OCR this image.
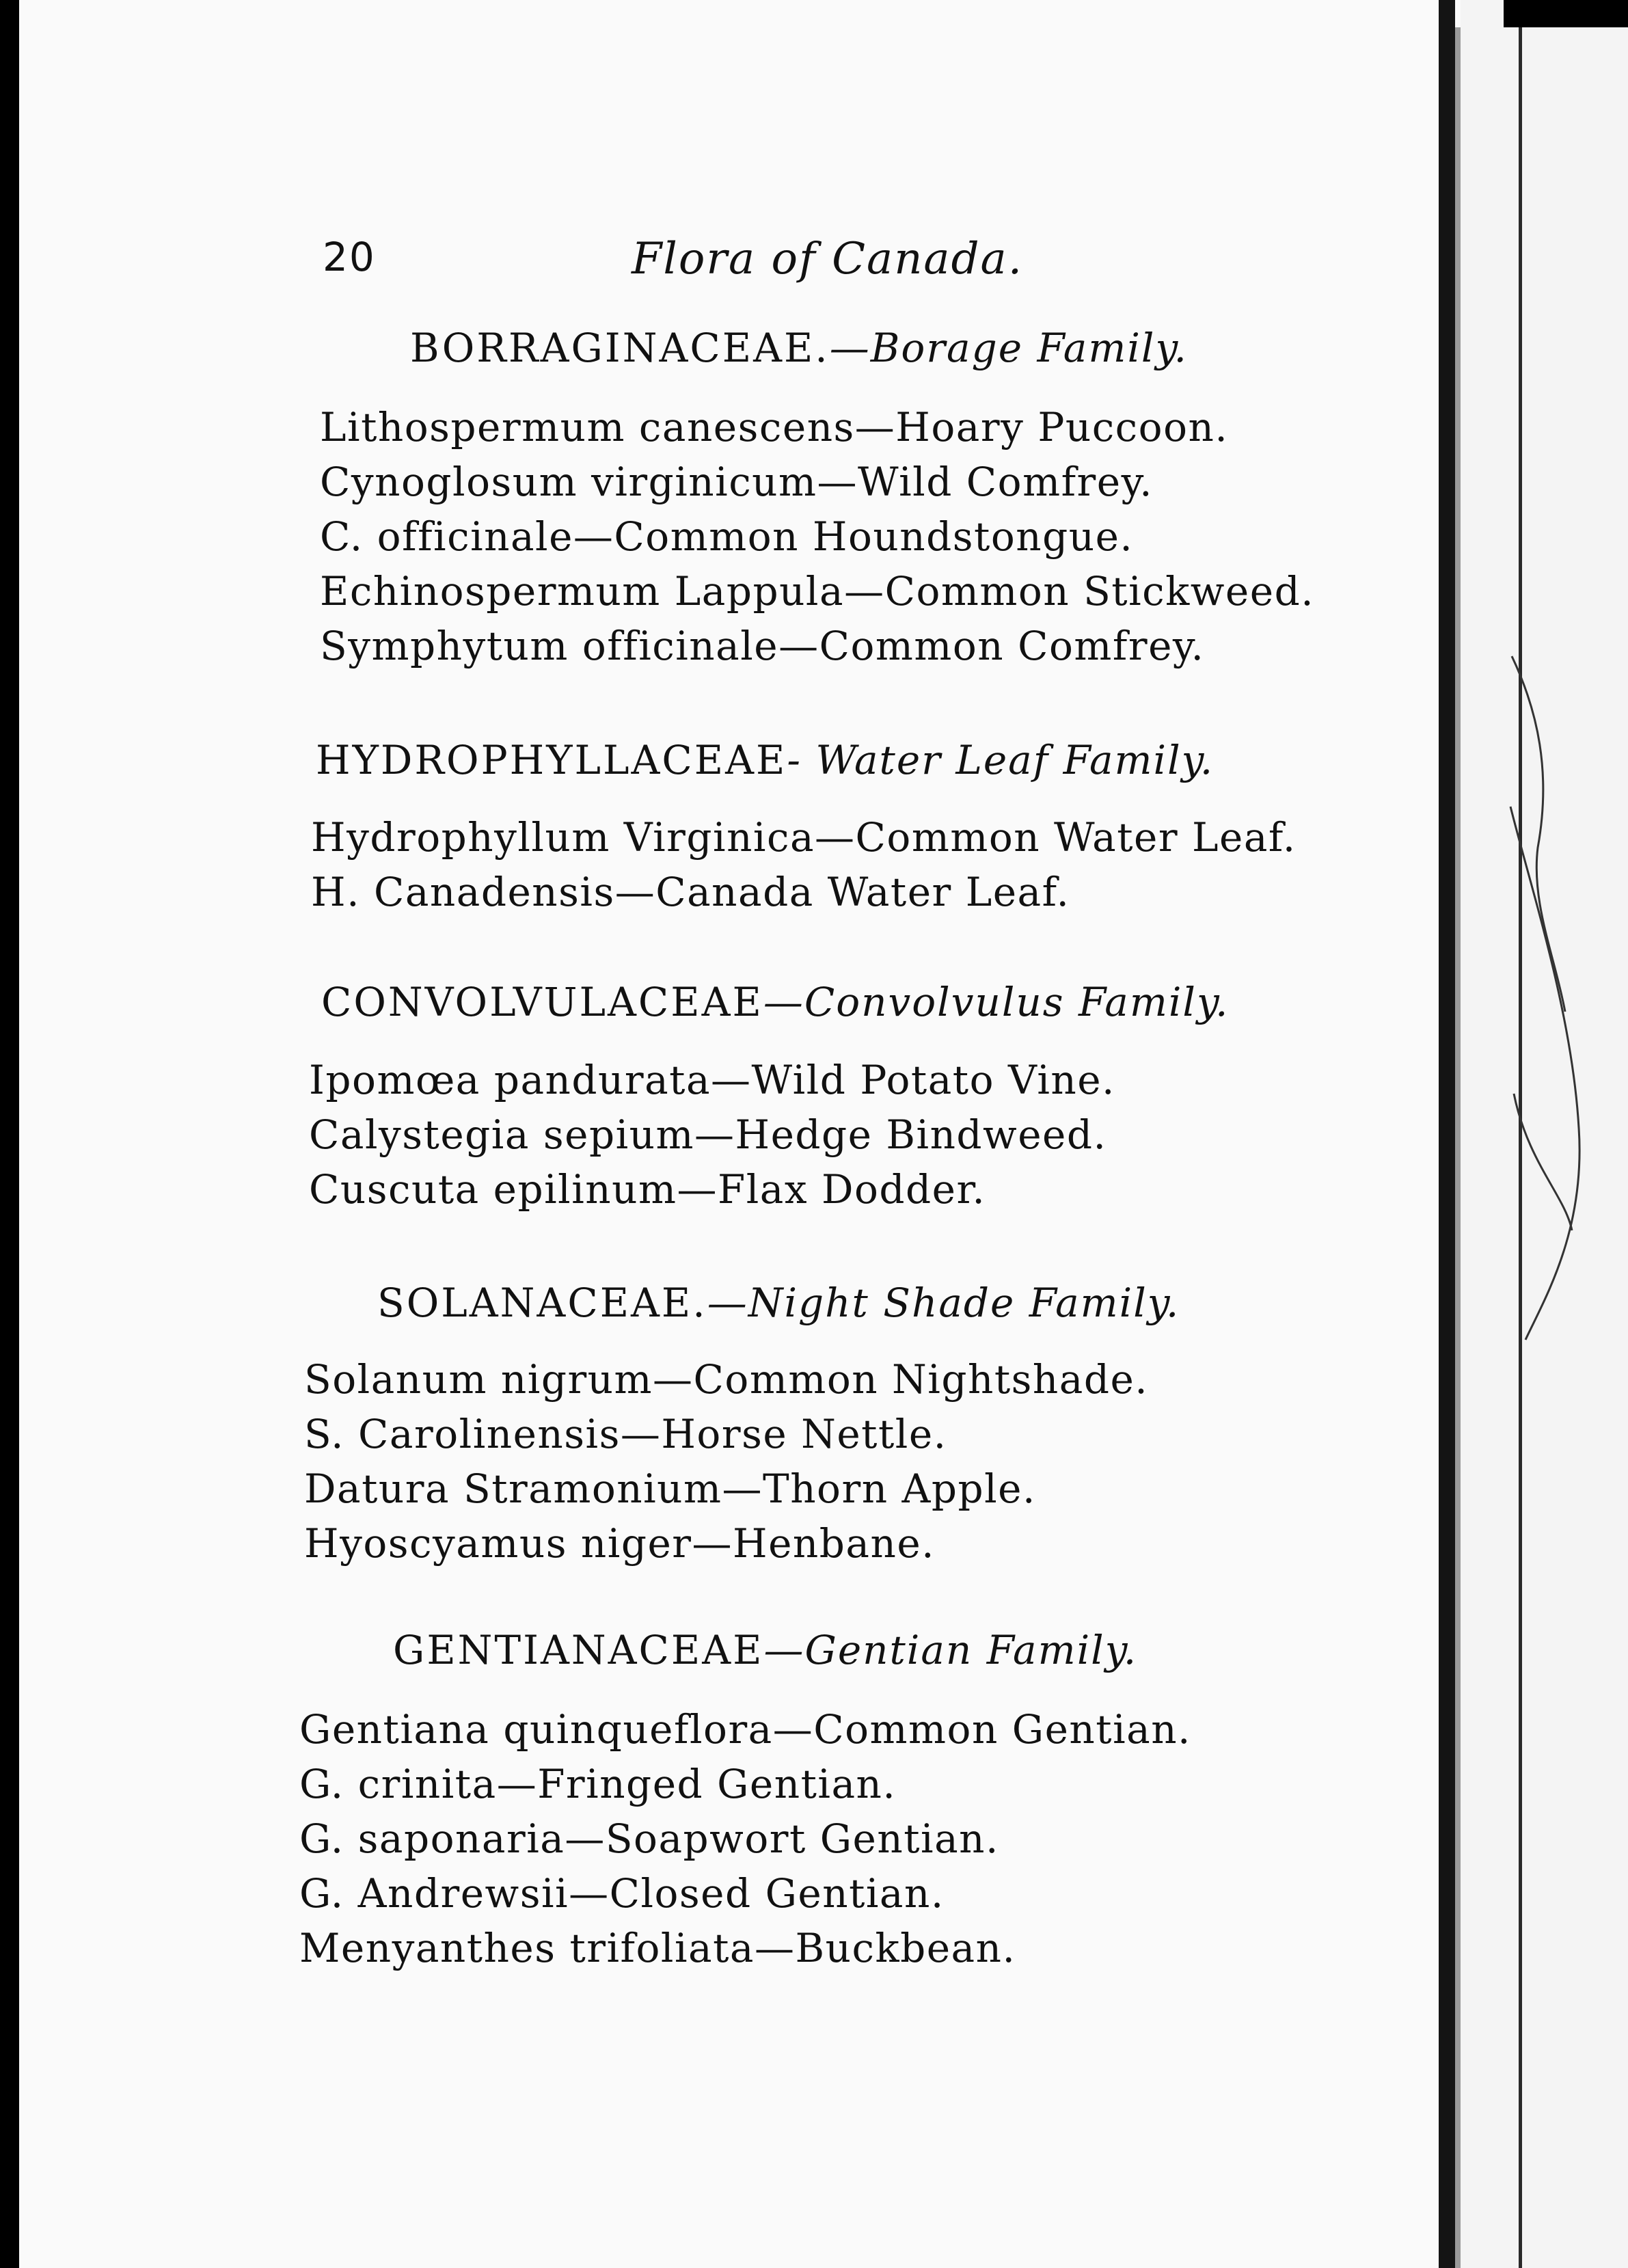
20	Flora of Canada.
BORRAGINACEAE.—Borage Family.
Lithospermum canescens—Hoary Puccoon.
Cynoglosum virginicum—Wild Comfrey.
C. officinale—Common Houndstongue.
Echinospermum Lappula—Common Stickweed.
Symphytum officinale—Common Comfrey.
HYDROPHYLLACEAE- Water Leaf Family.
Hydrophyllum Virginica—Common Water Leaf.
H. Canadensis—Canada Water Leaf.
CONVOLVULACEAE—Convolvulus Family.
Ipomœa pandurata—Wild Potato Vine.
Calystegia sepium—Hedge Bindweed.
Cuscuta epilinum—Flax Dodder.
SOLANACEAE.—Night Shade Family.
Solanum nigrum—Common Nightshade.
S. Carolinensis—Horse Nettle.
Datura Stramonium—Thorn Apple.
Hyoscyamus niger—Henbane.
GENTIANACEAE—Gentian Family.
Gentiana quinqueflora—Common Gentian.
G. crinita—Fringed Gentian.
G. saponaria—Soapwort Gentian.
G. Andrewsii—Closed Gentian.
Menyanthes trifoliata—Buckbean.
